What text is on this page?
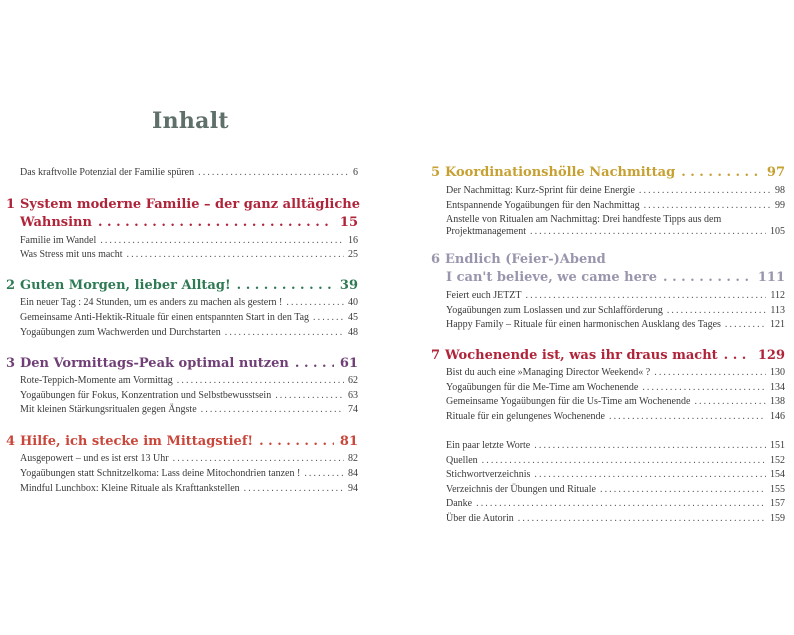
Inhalt
Das kraftvolle Potenzial der Familie spüren . . .	6
1 System moderne Familie – der ganz alltägliche
Wahnsinn . . .	15
Familie im Wandel . . .	16
Was Stress mit uns macht . . .	25
2 Guten Morgen, lieber Alltag! . . .	39
Ein neuer Tag : 24 Stunden, um es anders zu machen als gestern ! . . .	40
Gemeinsame Anti-Hektik-Rituale für einen entspannten Start in den Tag . . .	45
Yogaübungen zum Wachwerden und Durchstarten . . .	48
3 Den Vormittags-Peak optimal nutzen . . .	61
Rote-Teppich-Momente am Vormittag . . .	62
Yogaübungen für Fokus, Konzentration und Selbstbewusstsein . . .	63
Mit kleinen Stärkungsritualen gegen Ängste . . .	74
4 Hilfe, ich stecke im Mittagstief! . . .	81
Ausgepowert – und es ist erst 13 Uhr . . .	82
Yogaübungen statt Schnitzelkoma: Lass deine Mitochondrien tanzen ! . . .	84
Mindful Lunchbox: Kleine Rituale als Krafttankstellen . . .	94
5 Koordinationshölle Nachmittag . . .	97
Der Nachmittag: Kurz-Sprint für deine Energie . . .	98
Entspannende Yogaübungen für den Nachmittag . . .	99
Anstelle von Ritualen am Nachmittag: Drei handfeste Tipps aus dem
Projektmanagement . . .	105
6 Endlich (Feier-)Abend
I can't believe, we came here . . .	111
Feiert euch JETZT . . .	112
Yogaübungen zum Loslassen und zur Schlafförderung . . .	113
Happy Family – Rituale für einen harmonischen Ausklang des Tages . . .	121
7 Wochenende ist, was ihr draus macht . . .	129
Bist du auch eine »Managing Director Weekend« ? . . .	130
Yogaübungen für die Me-Time am Wochenende . . .	134
Gemeinsame Yogaübungen für die Us-Time am Wochenende . . .	138
Rituale für ein gelungenes Wochenende . . .	146
Ein paar letzte Worte . . .	151
Quellen . . .	152
Stichwortverzeichnis . . .	154
Verzeichnis der Übungen und Rituale . . .	155
Danke . . .	157
Über die Autorin . . .	159
